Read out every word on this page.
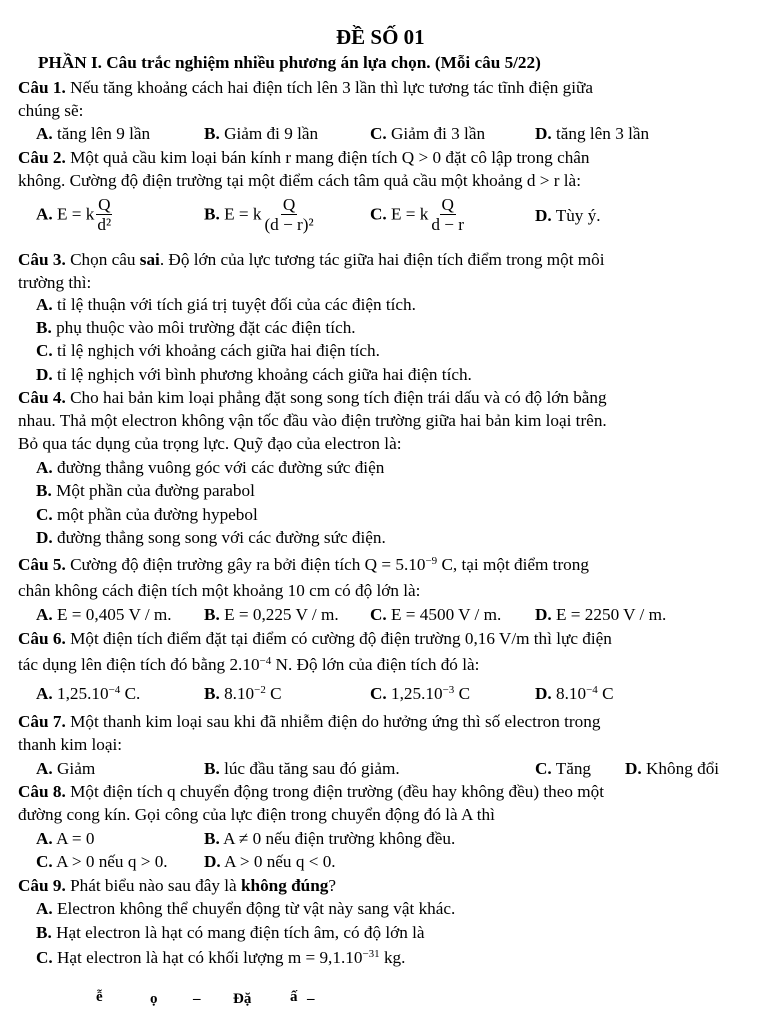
ĐỀ SỐ 01
PHẦN I. Câu trắc nghiệm nhiều phương án lựa chọn. (Mỗi câu 5/22)
Câu 1. Nếu tăng khoảng cách hai điện tích lên 3 lần thì lực tương tác tĩnh điện giữa
chúng sẽ:
A. tăng lên 9 lần	B. Giảm đi 9 lần	C. Giảm đi 3 lần	D. tăng lên 3 lần
Câu 2. Một quả cầu kim loại bán kính r mang điện tích Q > 0 đặt cô lập trong chân
không. Cường độ điện trường tại một điểm cách tâm quả cầu một khoảng d > r là:
A. E = k $\frac{Q}{\text{d²}}$	B. E = k $\frac{Q}{\text{(d − r)²}}$	C. E = k $\frac{Q}{d - r}$	D. Tùy ý.
Câu 3. Chọn câu sai. Độ lớn của lực tương tác giữa hai điện tích điểm trong một môi
trường thì:
A. tỉ lệ thuận với tích giá trị tuyệt đối của các điện tích.
B. phụ thuộc vào môi trường đặt các điện tích.
C. tỉ lệ nghịch với khoảng cách giữa hai điện tích.
D. tỉ lệ nghịch với bình phương khoảng cách giữa hai điện tích.
Câu 4. Cho hai bản kim loại phẳng đặt song song tích điện trái dấu và có độ lớn bằng
nhau. Thả một electron không vận tốc đầu vào điện trường giữa hai bản kim loại trên.
Bỏ qua tác dụng của trọng lực. Quỹ đạo của electron là:
A. đường thẳng vuông góc với các đường sức điện
B. Một phần của đường parabol
C. một phần của đường hypebol
D. đường thẳng song song với các đường sức điện.
Câu 5. Cường độ điện trường gây ra bởi điện tích $Q = 5.10^{-9}$ C, tại một điểm trong
chân không cách điện tích một khoảng 10 cm có độ lớn là:
A. E = 0,405 V / m. B. E = 0,225 V / m. C. E = 4500 V / m. D. E = 2250 V / m.
Câu 6. Một điện tích điểm đặt tại điểm có cường độ điện trường 0,16 V/m thì lực điện
tác dụng lên điện tích đó bằng $2.10^{-4}$ N. Độ lớn của điện tích đó là:
A. $1,25.10^{-4}$ C.	B. $8.10^{-2}$ C	C. $1,25.10^{-3}$ C	D. $8.10^{-4}$ C
Câu 7. Một thanh kim loại sau khi đã nhiễm điện do hưởng ứng thì số electron trong
thanh kim loại:
A. Giảm	B. lúc đầu tăng sau đó giảm.	C. Tăng D. Không đổi
Câu 8. Một điện tích q chuyển động trong điện trường (đều hay không đều) theo một
đường cong kín. Gọi công của lực điện trong chuyển động đó là A thì
A. A = 0	B. A ≠ 0 nếu điện trường không đều.
C. A > 0 nếu q > 0. D. A > 0 nếu q < 0.
Câu 9. Phát biểu nào sau đây là không đúng?
A. Electron không thể chuyển động từ vật này sang vật khác.
B. Hạt electron là hạt có mang điện tích âm, có độ lớn là
C. Hạt electron là hạt có khối lượng $m = 9,1.10^{-31}$ kg.
ễ	ọ – Đặ	ấ –
